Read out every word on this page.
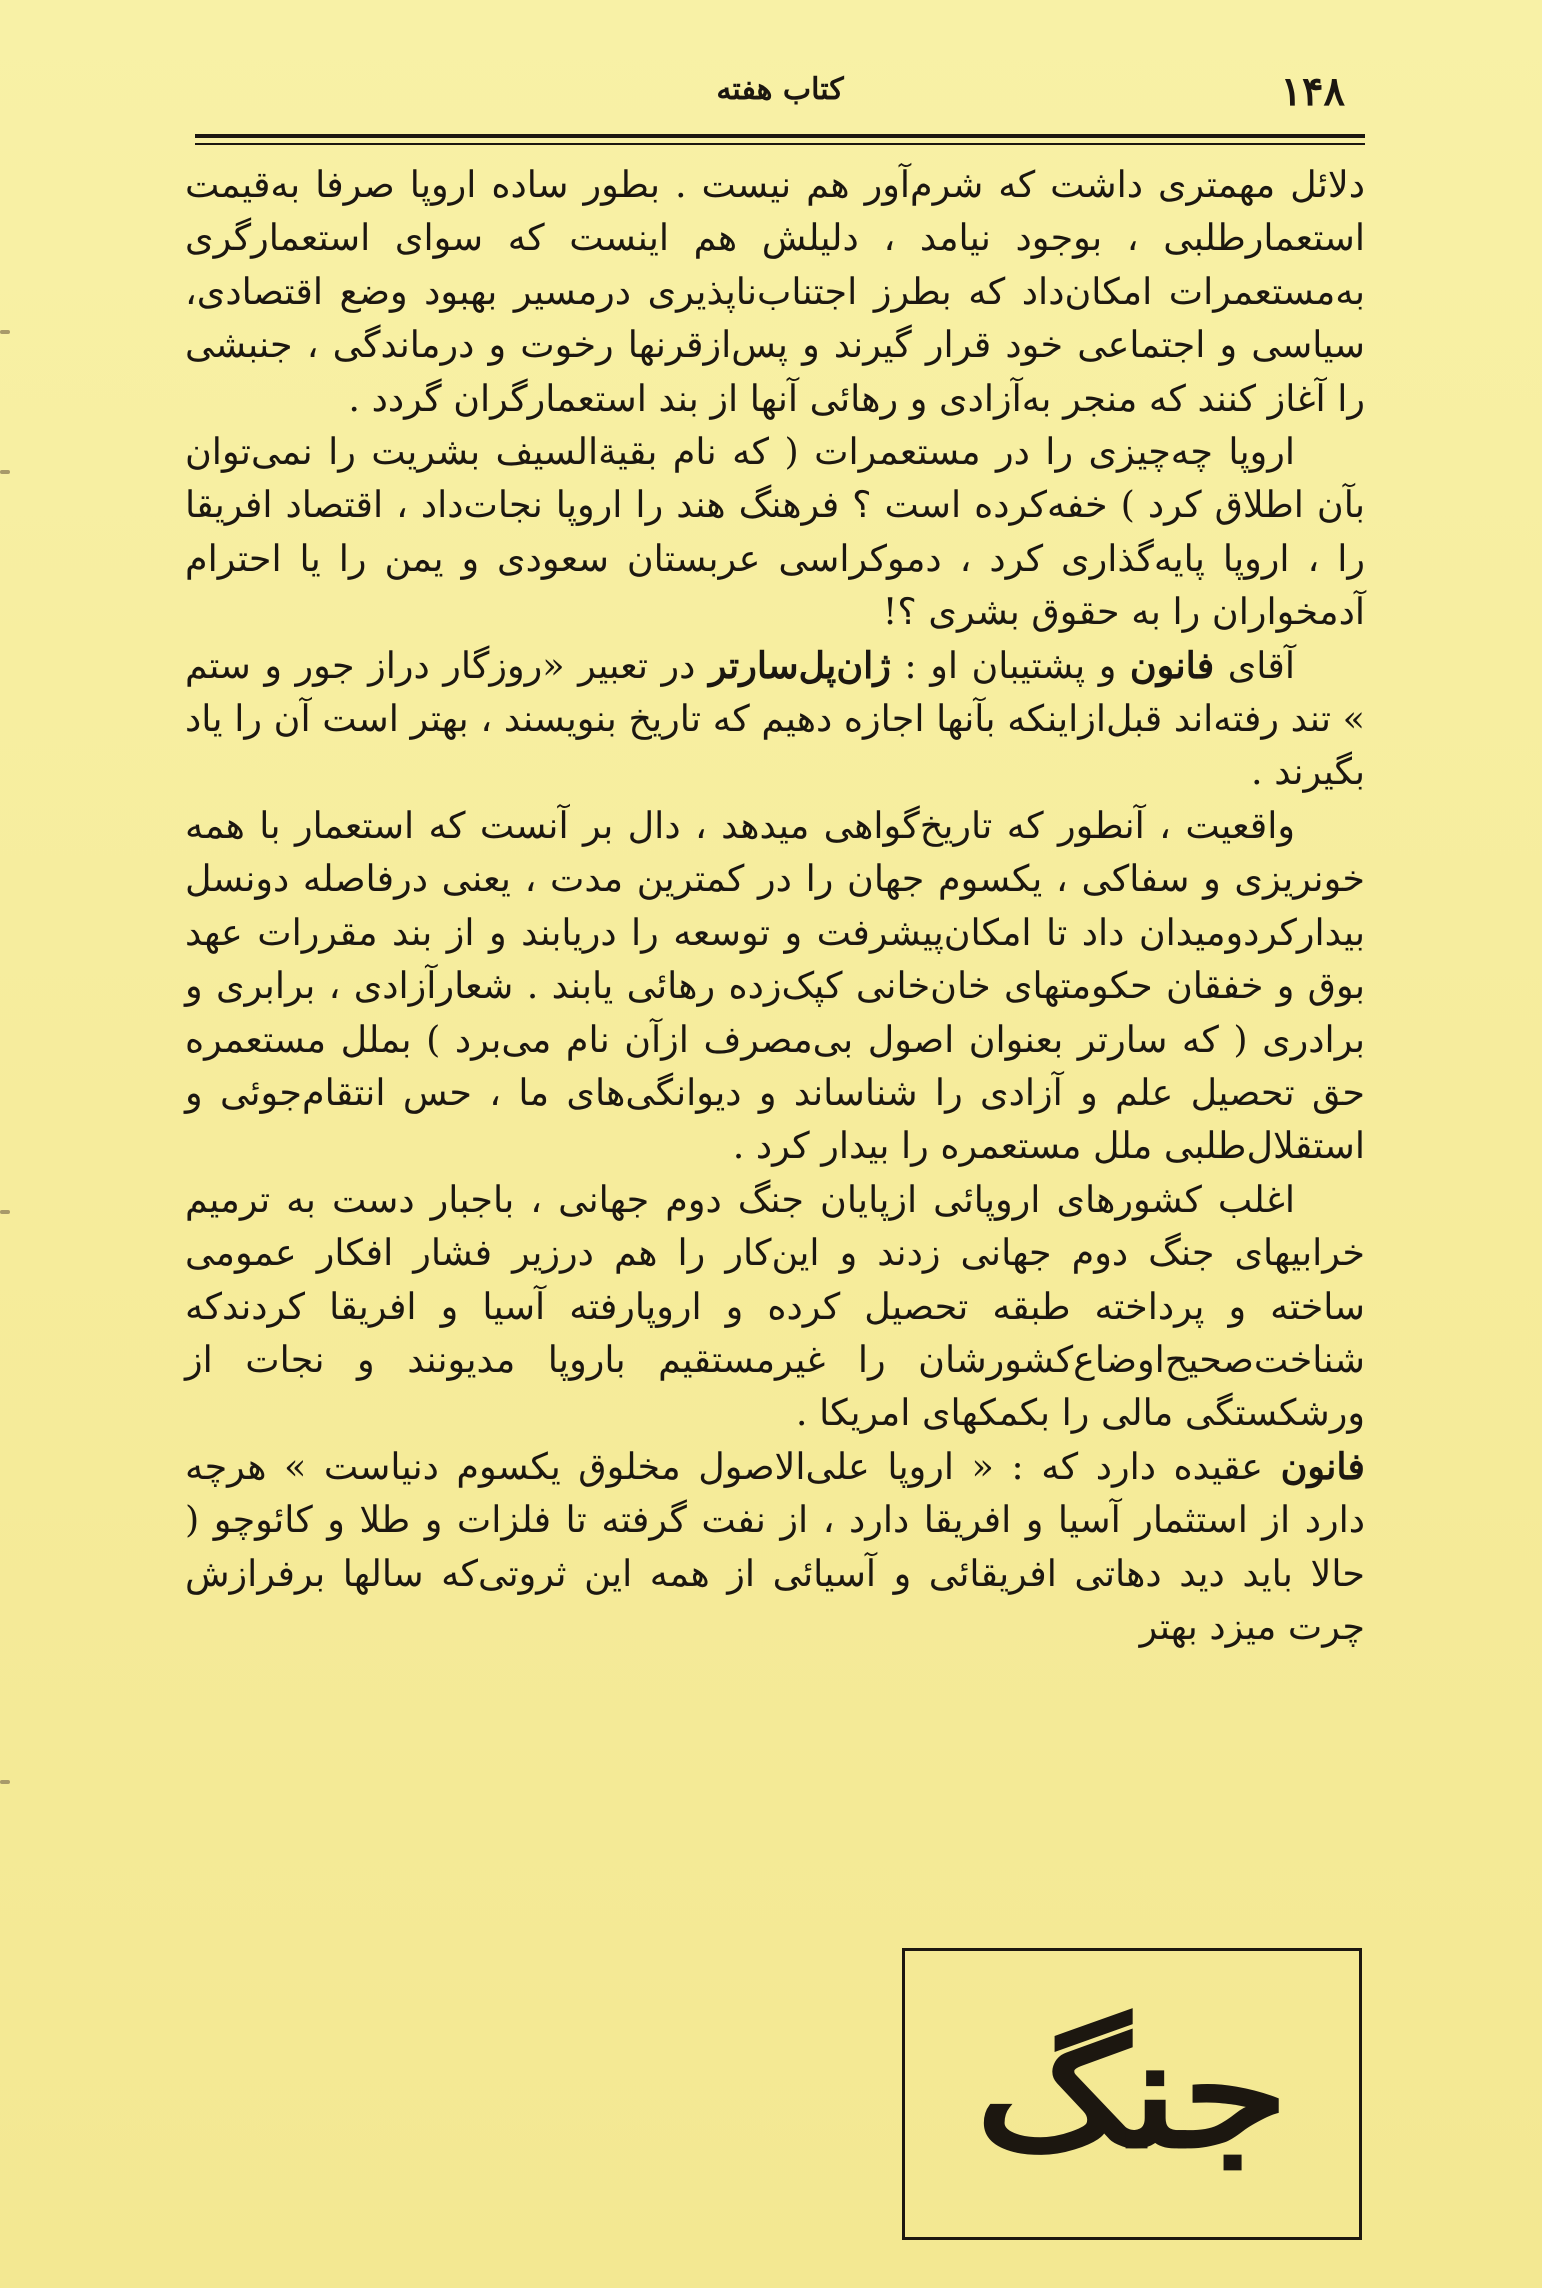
۱۴۸
کتاب هفته

دلائل مهمتری داشت که شرم‌آور هم نیست . بطور ساده اروپا صرفا به‌قیمت استعمارطلبی ، بوجود نیامد ، دلیلش هم اینست که سوای استعمارگری به‌مستعمرات امکان‌داد که بطرز اجتناب‌ناپذیری درمسیر بهبود وضع اقتصادی، سیاسی و اجتماعی خود قرار گیرند و پس‌ازقرنها رخوت و درماندگی ، جنبشی را آغاز کنند که منجر به‌آزادی و رهائی آنها از بند استعمارگران گردد .

اروپا چه‌چیزی را در مستعمرات ( که نام بقیة‌السیف بشریت را نمی‌توان بآن اطلاق کرد ) خفه‌کرده است ؟ فرهنگ هند را اروپا نجات‌داد ، اقتصاد افریقا را ، اروپا پایه‌گذاری کرد ، دموکراسی عربستان سعودی و یمن را یا احترام آدمخواران را به حقوق بشری ؟!

آقای فانون و پشتیبان او : ژان‌پل‌سارتر در تعبیر «روزگار دراز جور و ستم » تند رفته‌اند قبل‌ازاینکه بآنها اجازه دهیم که تاریخ بنویسند ، بهتر است آن را یاد بگیرند .

واقعیت ، آنطور که تاریخ‌گواهی میدهد ، دال بر آنست که استعمار با همه خونریزی و سفاکی ، یکسوم جهان را در کمترین مدت ، یعنی درفاصله دونسل بیدارکردومیدان داد تا امکان‌پیشرفت و توسعه را دریابند و از بند مقررات عهد بوق و خفقان حکومتهای خان‌خانی کپک‌زده رهائی یابند . شعارآزادی ، برابری و برادری ( که سارتر بعنوان اصول بی‌مصرف ازآن نام می‌برد ) بملل مستعمره حق تحصیل علم و آزادی را شناساند و دیوانگی‌های ما ، حس انتقام‌جوئی و استقلال‌طلبی ملل مستعمره را بیدار کرد .

اغلب کشورهای اروپائی ازپایان جنگ دوم جهانی ، باجبار دست به ترمیم خرابیهای جنگ دوم جهانی زدند و این‌کار را هم درزیر فشار افکار عمومی ساخته و پرداخته طبقه تحصیل کرده و اروپارفته آسیا و افریقا کردندکه شناخت‌صحیح‌اوضاع‌کشورشان را غیرمستقیم باروپا مدیونند و نجات از ورشکستگی مالی را بکمکهای امریکا .

فانون عقیده دارد که : « اروپا علی‌الاصول مخلوق یکسوم دنیاست » هرچه دارد از استثمار آسیا و افریقا دارد ، از نفت گرفته تا فلزات و طلا و کائوچو ( حالا باید دید دهاتی افریقائی و آسیائی از همه این ثروتی‌که سالها برفرازش چرت میزد بهتر

جنگ
